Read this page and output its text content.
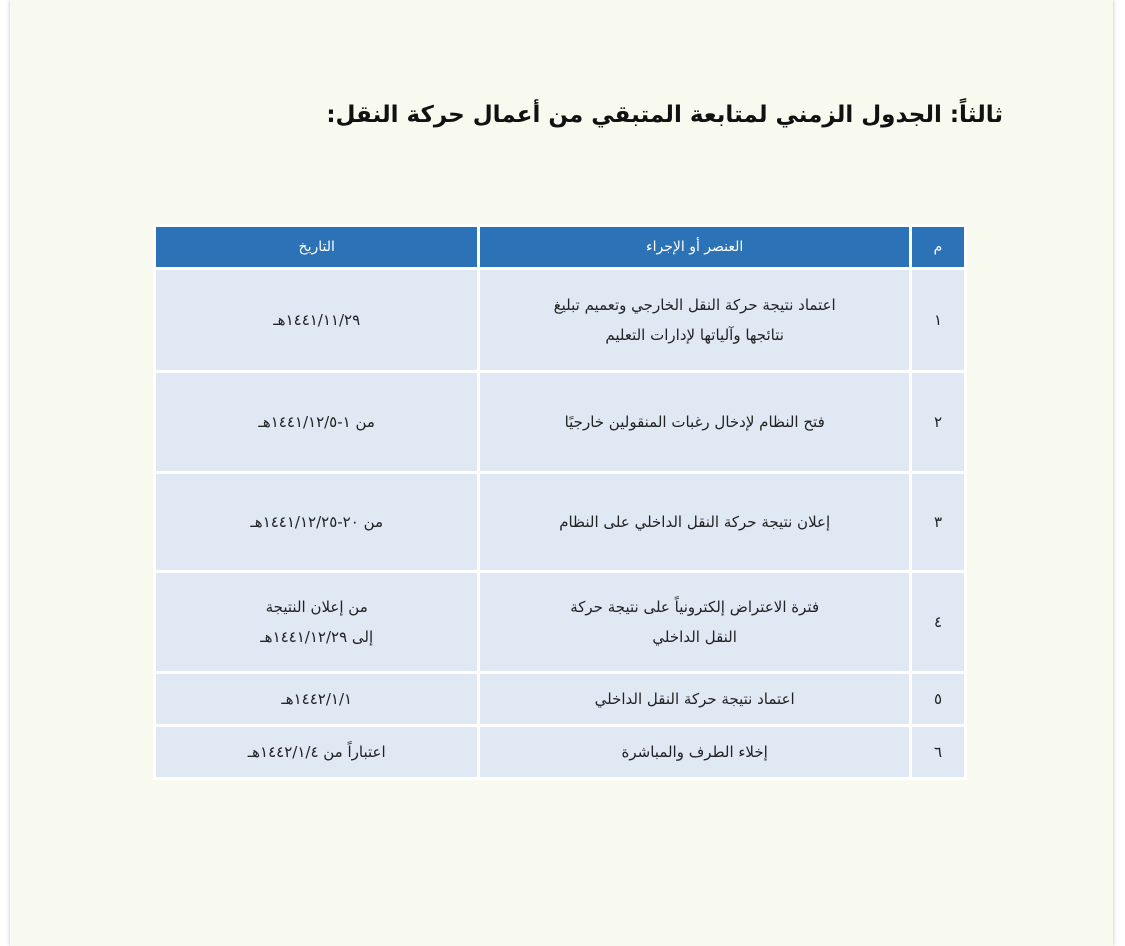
ثالثاً: الجدول الزمني لمتابعة المتبقي من أعمال حركة النقل:
م	العنصر أو الإجراء	التاريخ
١	اعتماد نتيجة حركة النقل الخارجي وتعميم تبليغ
نتائجها وآلياتها لإدارات التعليم	١٤٤١/١١/٢٩هـ

٢	فتح النظام لإدخال رغبات المنقولين خارجيًا	من ١-١٤٤١/١٢/٥هـ

٣	إعلان نتيجة حركة النقل الداخلي على النظام	من ٢٠-١٤٤١/١٢/٢٥هـ

٤	فترة الاعتراض إلكترونياً على نتيجة حركة
النقل الداخلي	من إعلان النتيجة
إلى ١٤٤١/١٢/٢٩هـ

٥	اعتماد نتيجة حركة النقل الداخلي	١٤٤٢/١/١هـ

٦	إخلاء الطرف والمباشرة	اعتباراً من ١٤٤٢/١/٤هـ
